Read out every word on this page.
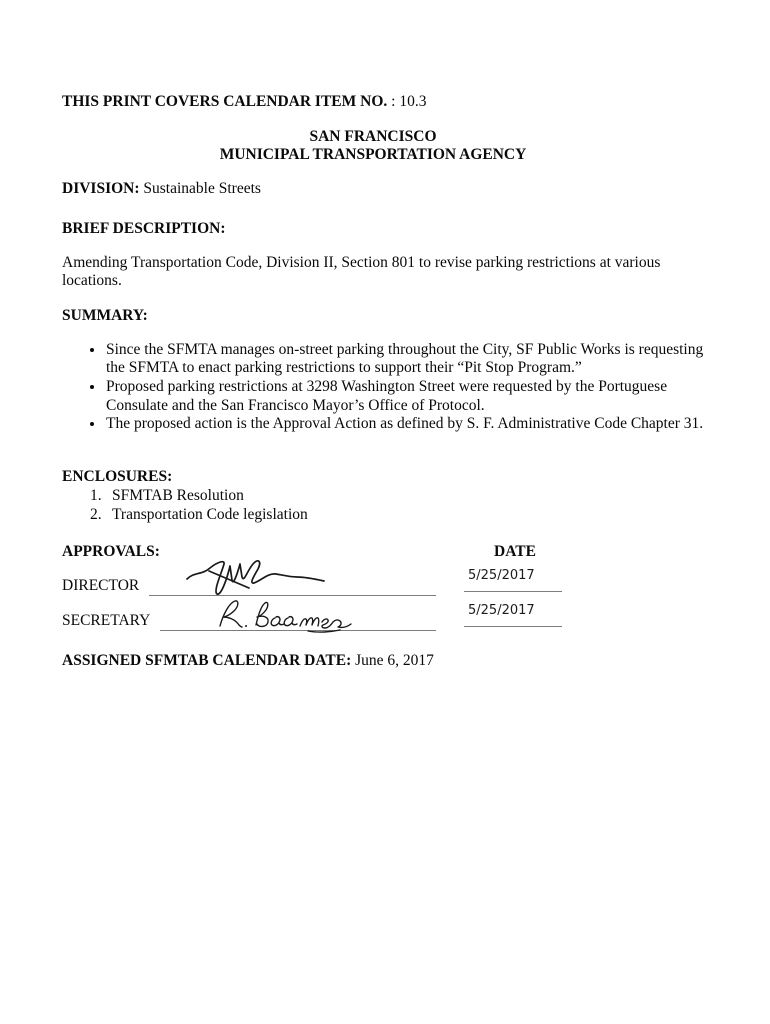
THIS PRINT COVERS CALENDAR ITEM NO. : 10.3
SAN FRANCISCO
MUNICIPAL TRANSPORTATION AGENCY
DIVISION: Sustainable Streets
BRIEF DESCRIPTION:
Amending Transportation Code, Division II, Section 801 to revise parking restrictions at various locations.
SUMMARY:
• Since the SFMTA manages on-street parking throughout the City, SF Public Works is requesting the SFMTA to enact parking restrictions to support their “Pit Stop Program.”
• Proposed parking restrictions at 3298 Washington Street were requested by the Portuguese Consulate and the San Francisco Mayor’s Office of Protocol.
• The proposed action is the Approval Action as defined by S. F. Administrative Code Chapter 31.
ENCLOSURES:
1. SFMTAB Resolution
2. Transportation Code legislation
APPROVALS:	DATE
DIRECTOR
5/25/2017
SECRETARY
5/25/2017
ASSIGNED SFMTAB CALENDAR DATE: June 6, 2017
